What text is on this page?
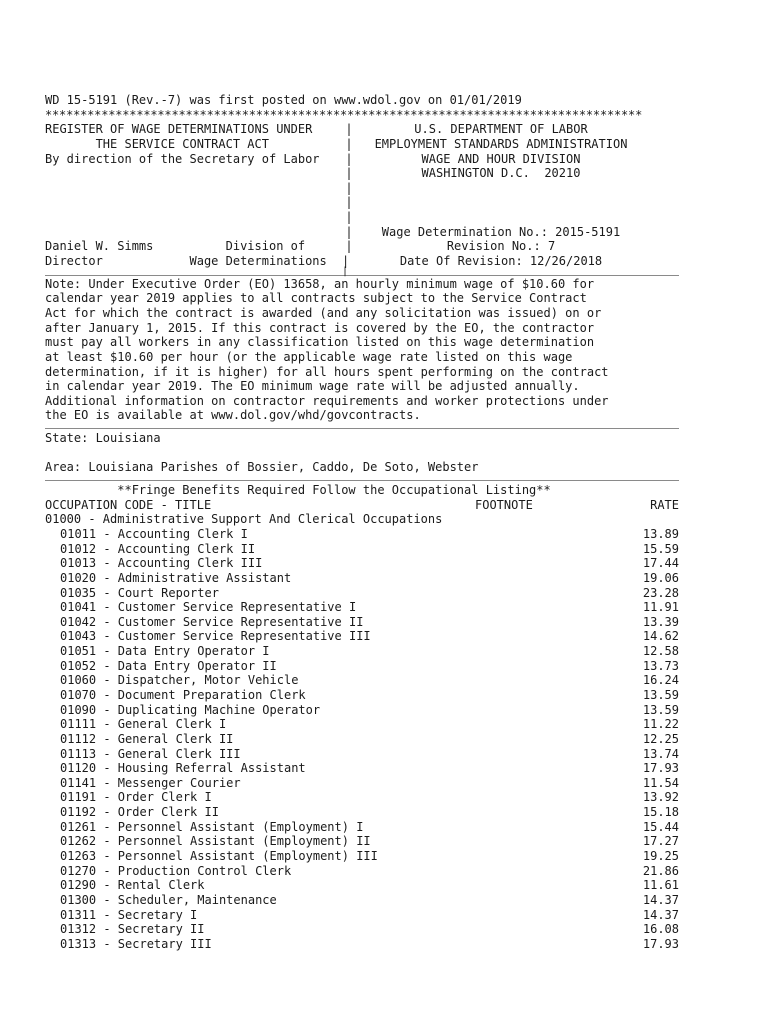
WD 15-5191 (Rev.-7) was first posted on www.wdol.gov on 01/01/2019
*************************************************************************************
REGISTER OF WAGE DETERMINATIONS UNDER	|	U.S. DEPARTMENT OF LABOR
THE SERVICE CONTRACT ACT	|	EMPLOYMENT STANDARDS ADMINISTRATION
By direction of the Secretary of Labor	|	WAGE AND HOUR DIVISION
|	WASHINGTON D.C.  20210
|
|
|
|	Wage Determination No.: 2015-5191
Daniel W. Simms          Division of	|	Revision No.: 7
Director            Wage Determinations	|	Date Of Revision: 12/26/2018
|
Note: Under Executive Order (EO) 13658, an hourly minimum wage of $10.60 for
calendar year 2019 applies to all contracts subject to the Service Contract
Act for which the contract is awarded (and any solicitation was issued) on or
after January 1, 2015. If this contract is covered by the EO, the contractor
must pay all workers in any classification listed on this wage determination
at least $10.60 per hour (or the applicable wage rate listed on this wage
determination, if it is higher) for all hours spent performing on the contract
in calendar year 2019. The EO minimum wage rate will be adjusted annually.
Additional information on contractor requirements and worker protections under
the EO is available at www.dol.gov/whd/govcontracts.
State: Louisiana
Area: Louisiana Parishes of Bossier, Caddo, De Soto, Webster
**Fringe Benefits Required Follow the Occupational Listing**
OCCUPATION CODE - TITLE	FOOTNOTE	RATE
01000 - Administrative Support And Clerical Occupations
01011 - Accounting Clerk I	13.89
01012 - Accounting Clerk II	15.59
01013 - Accounting Clerk III	17.44
01020 - Administrative Assistant	19.06
01035 - Court Reporter	23.28
01041 - Customer Service Representative I	11.91
01042 - Customer Service Representative II	13.39
01043 - Customer Service Representative III	14.62
01051 - Data Entry Operator I	12.58
01052 - Data Entry Operator II	13.73
01060 - Dispatcher, Motor Vehicle	16.24
01070 - Document Preparation Clerk	13.59
01090 - Duplicating Machine Operator	13.59
01111 - General Clerk I	11.22
01112 - General Clerk II	12.25
01113 - General Clerk III	13.74
01120 - Housing Referral Assistant	17.93
01141 - Messenger Courier	11.54
01191 - Order Clerk I	13.92
01192 - Order Clerk II	15.18
01261 - Personnel Assistant (Employment) I	15.44
01262 - Personnel Assistant (Employment) II	17.27
01263 - Personnel Assistant (Employment) III	19.25
01270 - Production Control Clerk	21.86
01290 - Rental Clerk	11.61
01300 - Scheduler, Maintenance	14.37
01311 - Secretary I	14.37
01312 - Secretary II	16.08
01313 - Secretary III	17.93
